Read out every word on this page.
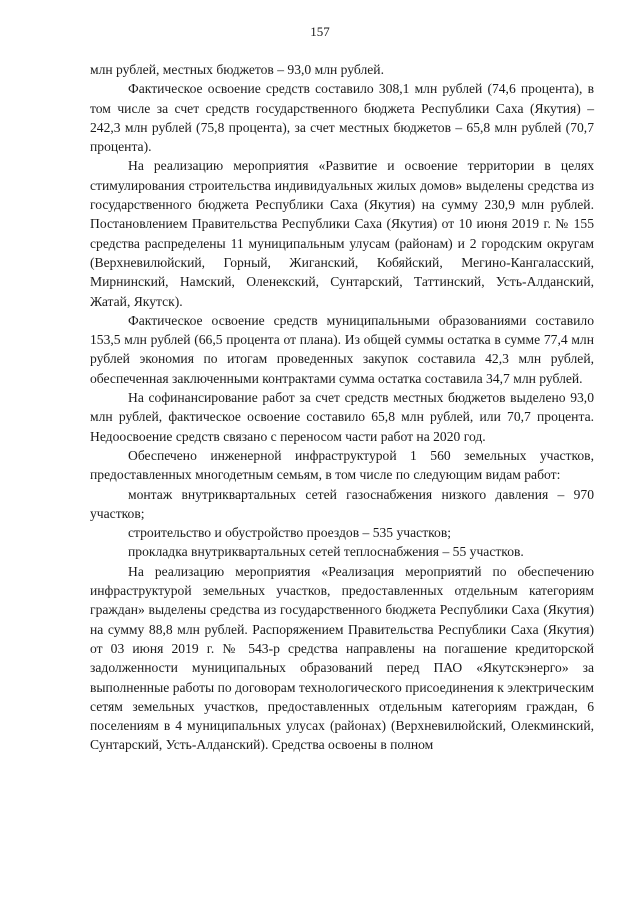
157

млн рублей, местных бюджетов – 93,0 млн рублей.

Фактическое освоение средств составило 308,1 млн рублей (74,6 процента), в том числе за счет средств государственного бюджета Республики Саха (Якутия) – 242,3 млн рублей (75,8 процента), за счет местных бюджетов – 65,8 млн рублей (70,7 процента).

На реализацию мероприятия «Развитие и освоение территории в целях стимулирования строительства индивидуальных жилых домов» выделены средства из государственного бюджета Республики Саха (Якутия) на сумму 230,9 млн рублей. Постановлением Правительства Республики Саха (Якутия) от 10 июня 2019 г. № 155 средства распределены 11 муниципальным улусам (районам) и 2 городским округам (Верхневилюйский, Горный, Жиганский, Кобяйский, Мегино-Кангаласский, Мирнинский, Намский, Оленекский, Сунтарский, Таттинский, Усть-Алданский, Жатай, Якутск).

Фактическое освоение средств муниципальными образованиями составило 153,5 млн рублей (66,5 процента от плана). Из общей суммы остатка в сумме 77,4 млн рублей экономия по итогам проведенных закупок составила 42,3 млн рублей, обеспеченная заключенными контрактами сумма остатка составила 34,7 млн рублей.

На софинансирование работ за счет средств местных бюджетов выделено 93,0 млн рублей, фактическое освоение составило 65,8 млн рублей, или 70,7 процента. Недоосвоение средств связано с переносом части работ на 2020 год.

Обеспечено инженерной инфраструктурой 1 560 земельных участков, предоставленных многодетным семьям, в том числе по следующим видам работ:

монтаж внутриквартальных сетей газоснабжения низкого давления – 970 участков;

строительство и обустройство проездов – 535 участков;

прокладка внутриквартальных сетей теплоснабжения – 55 участков.

На реализацию мероприятия «Реализация мероприятий по обеспечению инфраструктурой земельных участков, предоставленных отдельным категориям граждан» выделены средства из государственного бюджета Республики Саха (Якутия) на сумму 88,8 млн рублей. Распоряжением Правительства Республики Саха (Якутия) от 03 июня 2019 г. № 543-р средства направлены на погашение кредиторской задолженности муниципальных образований перед ПАО «Якутскэнерго» за выполненные работы по договорам технологического присоединения к электрическим сетям земельных участков, предоставленных отдельным категориям граждан, 6 поселениям в 4 муниципальных улусах (районах) (Верхневилюйский, Олекминский, Сунтарский, Усть-Алданский). Средства освоены в полном
